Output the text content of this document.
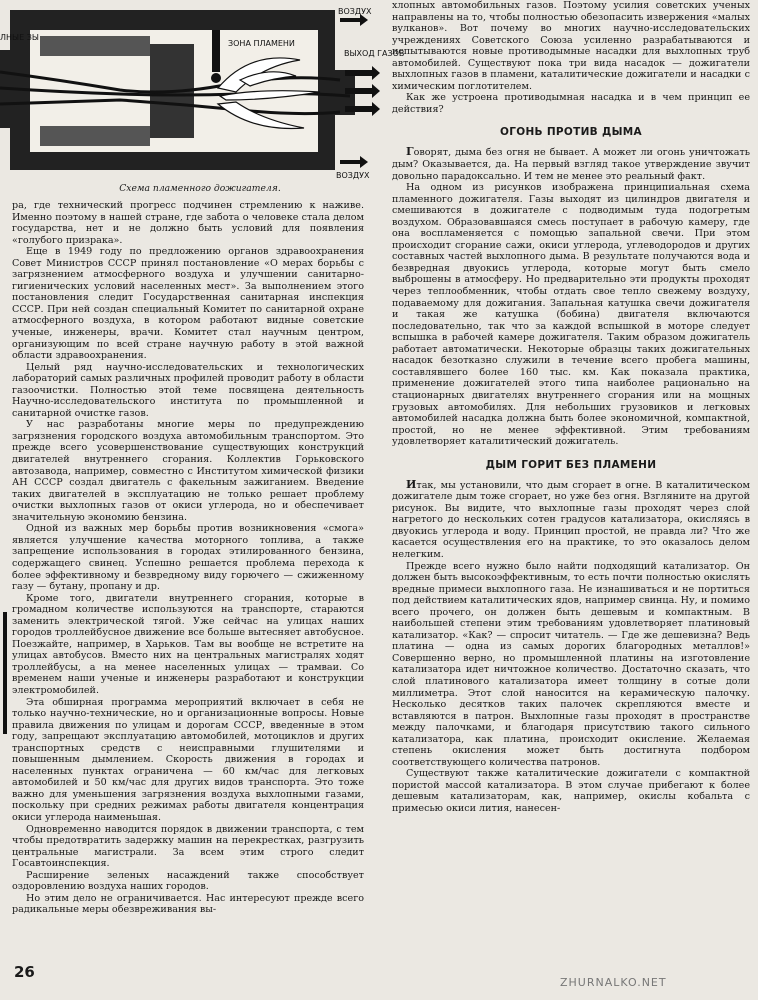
ВОЗДУХ
ВОЗДУХ
ЗОНА ПЛАМЕНИ
ВЫХОД ГАЗОВ
ЛНЫЕ ЗЫ
Схема пламенного дожигателя.

ра, где технический прогресс подчинен стремлению к наживе. Именно поэтому в нашей стране, где забота о человеке стала делом государства, нет и не должно быть условий для появления «голубого призрака».

Еще в 1949 году по предложению органов здравоохранения Совет Министров СССР принял постановление «О мерах борьбы с загрязнением атмосферного воздуха и улучшении санитарно-гигиенических условий населенных мест». За выполнением этого постановления следит Государственная санитарная инспекция СССР. При ней создан специальный Комитет по санитарной охране атмосферного воздуха, в котором работают видные советские ученые, инженеры, врачи. Комитет стал научным центром, организующим по всей стране научную работу в этой важной области здравоохранения.

Целый ряд научно-исследовательских и технологических лабораторий самых различных профилей проводит работу в области газоочистки. Полностью этой теме посвящена деятельность Научно-исследовательского института по промышленной и санитарной очистке газов.

У нас разработаны многие меры по предупреждению загрязнения городского воздуха автомобильным транспортом. Это прежде всего усовершенствование существующих конструкций двигателей внутреннего сгорания. Коллектив Горьковского автозавода, например, совместно с Институтом химической физики АН СССР создал двигатель с факельным зажиганием. Введение таких двигателей в эксплуатацию не только решает проблему очистки выхлопных газов от окиси углерода, но и обеспечивает значительную экономию бензина.

Одной из важных мер борьбы против возникновения «смога» является улучшение качества моторного топлива, а также запрещение использования в городах этилированного бензина, содержащего свинец. Успешно решается проблема перехода к более эффективному и безвредному виду горючего — сжиженному газу — бутану, пропану и др.

Кроме того, двигатели внутреннего сгорания, которые в громадном количестве используются на транспорте, стараются заменить электрической тягой. Уже сейчас на улицах наших городов троллейбусное движение все больше вытесняет автобусное. Поезжайте, например, в Харьков. Там вы вообще не встретите на улицах автобусов. Вместо них на центральных магистралях ходят троллейбусы, а на менее населенных улицах — трамваи. Со временем наши ученые и инженеры разработают и конструкции электромобилей.

Эта обширная программа мероприятий включает в себя не только научно-технические, но и организационные вопросы. Новые правила движения по улицам и дорогам СССР, введенные в этом году, запрещают эксплуатацию автомобилей, мотоциклов и других транспортных средств с неисправными глушителями и повышенным дымлением. Скорость движения в городах и населенных пунктах ограничена — 60 км/час для легковых автомобилей и 50 км/час для других видов транспорта. Это тоже важно для уменьшения загрязнения воздуха выхлопными газами, поскольку при средних режимах работы двигателя концентрация окиси углерода наименьшая.

Одновременно наводится порядок в движении транспорта, с тем чтобы предотвратить задержку машин на перекрестках, разгрузить центральные магистрали. За всем этим строго следит Госавтоинспекция.

Расширение зеленых насаждений также способствует оздоровлению воздуха наших городов.

Но этим дело не ограничивается. Нас интересуют прежде всего радикальные меры обезвреживания вы-

хлопных автомобильных газов. Поэтому усилия советских ученых направлены на то, чтобы полностью обезопасить извержения «малых вулканов». Вот почему во многих научно-исследовательских учреждениях Советского Союза усиленно разрабатываются и испытываются новые противодымные насадки для выхлопных труб автомобилей. Существуют пока три вида насадок — дожигатели выхлопных газов в пламени, каталитические дожигатели и насадки с химическим поглотителем.

Как же устроена противодымная насадка и в чем принцип ее действия?

ОГОНЬ ПРОТИВ ДЫМА

Говорят, дыма без огня не бывает. А может ли огонь уничтожать дым? Оказывается, да. На первый взгляд такое утверждение звучит довольно парадоксально. И тем не менее это реальный факт.

На одном из рисунков изображена принципиальная схема пламенного дожигателя. Газы выходят из цилиндров двигателя и смешиваются в дожигателе с подводимым туда подогретым воздухом. Образовавшаяся смесь поступает в рабочую камеру, где она воспламеняется с помощью запальной свечи. При этом происходит сгорание сажи, окиси углерода, углеводородов и других составных частей выхлопного дыма. В результате получаются вода и безвредная двуокись углерода, которые могут быть смело выброшены в атмосферу. Но предварительно эти продукты проходят через теплообменник, чтобы отдать свое тепло свежему воздуху, подаваемому для дожигания. Запальная катушка свечи дожигателя и такая же катушка (бобина) двигателя включаются последовательно, так что за каждой вспышкой в моторе следует вспышка в рабочей камере дожигателя. Таким образом дожигатель работает автоматически. Некоторые образцы таких дожигательных насадок безотказно служили в течение всего пробега машины, составлявшего более 160 тыс. км. Как показала практика, применение дожигателей этого типа наиболее рационально на стационарных двигателях внутреннего сгорания или на мощных грузовых автомобилях. Для небольших грузовиков и легковых автомобилей насадка должна быть более экономичной, компактной, простой, но не менее эффективной. Этим требованиям удовлетворяет каталитический дожигатель.

ДЫМ ГОРИТ БЕЗ ПЛАМЕНИ

Итак, мы установили, что дым сгорает в огне. В каталитическом дожигателе дым тоже сгорает, но уже без огня. Взгляните на другой рисунок. Вы видите, что выхлопные газы проходят через слой нагретого до нескольких сотен градусов катализатора, окисляясь в двуокись углерода и воду. Принцип простой, не правда ли? Что же касается осуществления его на практике, то это оказалось делом нелегким.

Прежде всего нужно было найти подходящий катализатор. Он должен быть высокоэффективным, то есть почти полностью окислять вредные примеси выхлопного газа. Не изнашиваться и не портиться под действием каталитических ядов, например свинца. Ну, и помимо всего прочего, он должен быть дешевым и компактным. В наибольшей степени этим требованиям удовлетворяет платиновый катализатор. «Как? — спросит читатель. — Где же дешевизна? Ведь платина — одна из самых дорогих благородных металлов!» Совершенно верно, но промышленной платины на изготовление катализатора идет ничтожное количество. Достаточно сказать, что слой платинового катализатора имеет толщину в сотые доли миллиметра. Этот слой наносится на керамическую палочку. Несколько десятков таких палочек скрепляются вместе и вставляются в патрон. Выхлопные газы проходят в пространстве между палочками, и благодаря присутствию такого сильного катализатора, как платина, происходит окисление. Желаемая степень окисления может быть достигнута подбором соответствующего количества патронов.

Существуют также каталитические дожигатели с компактной пористой массой катализатора. В этом случае прибегают к более дешевым катализаторам, как, например, окислы кобальта с примесью окиси лития, нанесен-

26
ZHURNALKO.NET
